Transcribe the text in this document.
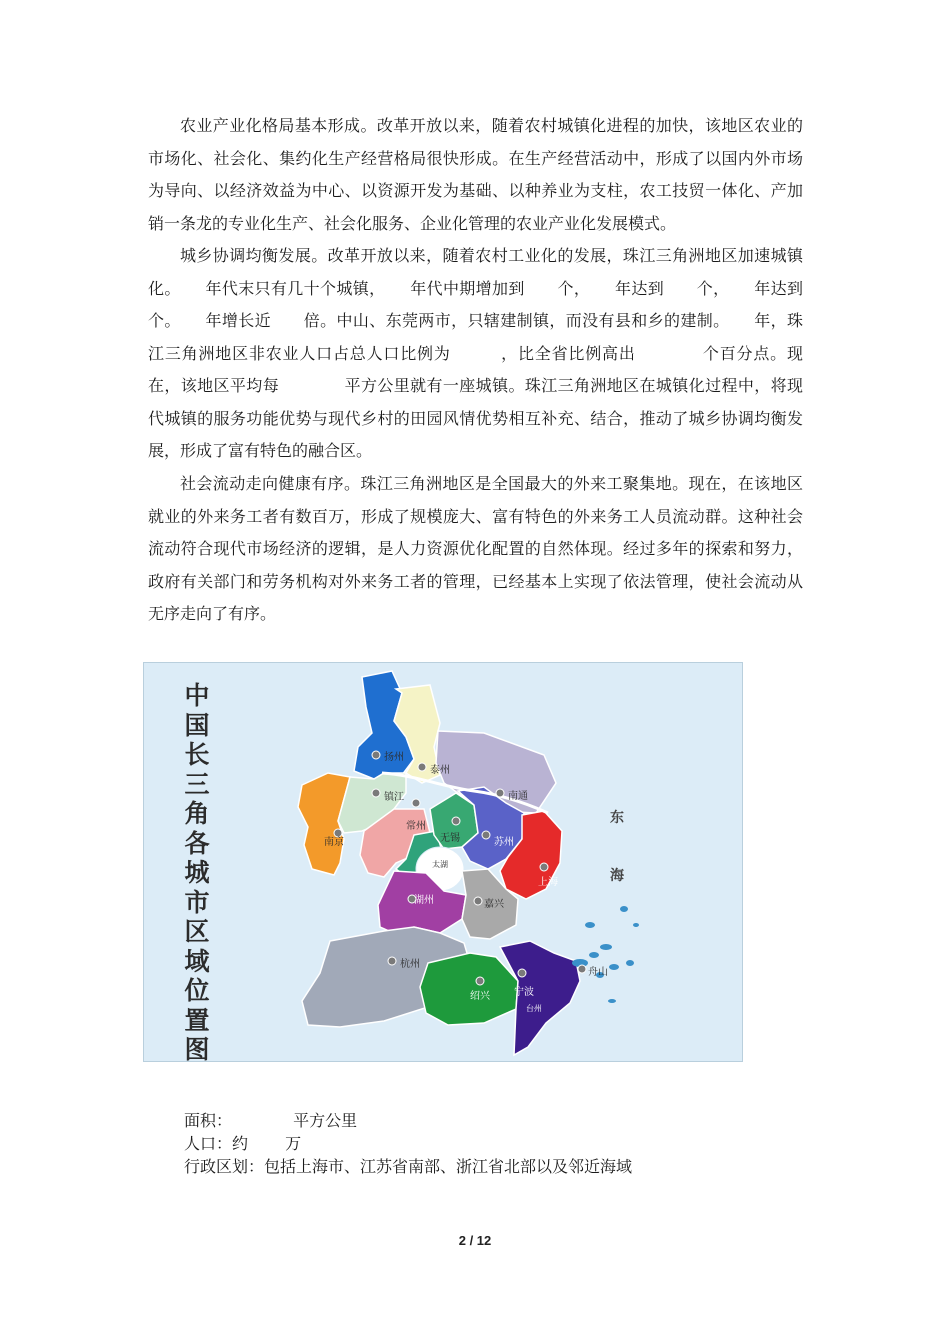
农业产业化格局基本形成。改革开放以来，随着农村城镇化进程的加快，该地区农业的市场化、社会化、集约化生产经营格局很快形成。在生产经营活动中，形成了以国内外市场为导向、以经济效益为中心、以资源开发为基础、以种养业为支柱，农工技贸一体化、产加销一条龙的专业化生产、社会化服务、企业化管理的农业产业化发展模式。

城乡协调均衡发展。改革开放以来，随着农村工业化的发展，珠江三角洲地区加速城镇化。　　年代末只有几十个城镇，　　年代中期增加到　　个，　　年达到　　个，　　年达到　　个。　　年增长近　　倍。中山、东莞两市，只辖建制镇，而没有县和乡的建制。　　年，珠江三角洲地区非农业人口占总人口比例为　　　，比全省比例高出　　　　个百分点。现在，该地区平均每　　　　平方公里就有一座城镇。珠江三角洲地区在城镇化过程中，将现代城镇的服务功能优势与现代乡村的田园风情优势相互补充、结合，推动了城乡协调均衡发展，形成了富有特色的融合区。

社会流动走向健康有序。珠江三角洲地区是全国最大的外来工聚集地。现在，在该地区就业的外来务工者有数百万，形成了规模庞大、富有特色的外来务工人员流动群。这种社会流动符合现代市场经济的逻辑，是人力资源优化配置的自然体现。经过多年的探索和努力，政府有关部门和劳务机构对外来务工者的管理，已经基本上实现了依法管理，使社会流动从无序走向了有序。

中国长三角各城市区域位置图
扬州
泰州
南通
南京
镇江
常州
无锡	苏州
上海
湖州	嘉兴
杭州
绍兴 宁波
台州
舟山
太湖
东
海

面积：　　　　 平方公里

人口：约　　 万

行政区划：包括上海市、江苏省南部、浙江省北部以及邻近海域

2 / 12
